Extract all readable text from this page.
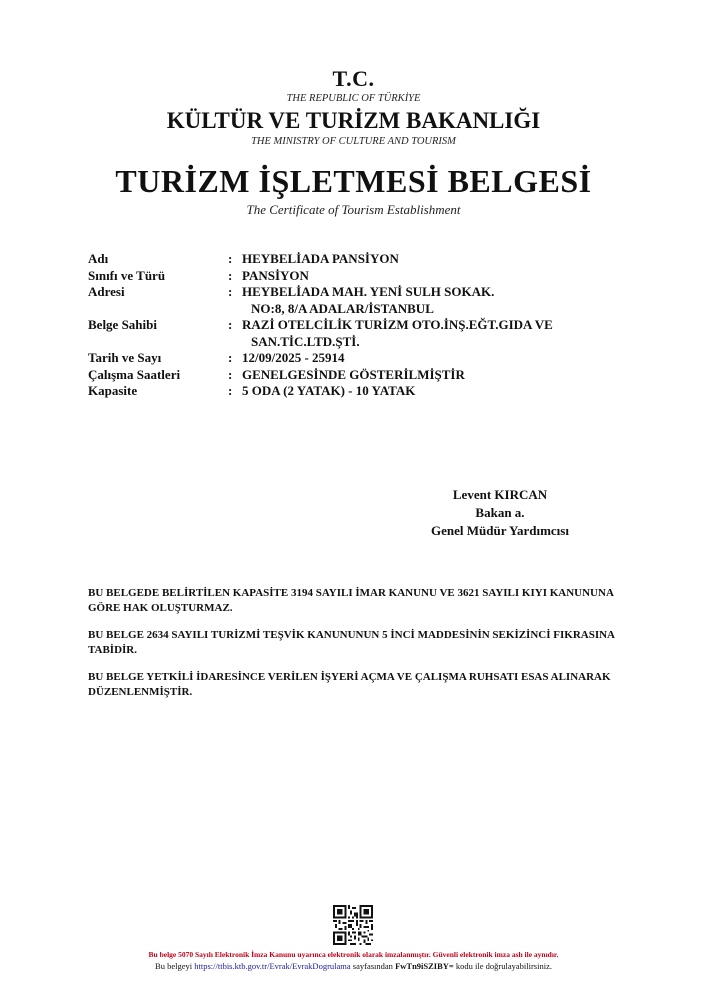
T.C.
THE REPUBLIC OF TÜRKİYE
KÜLTÜR VE TURİZM BAKANLIĞI
THE MINISTRY OF CULTURE AND TOURISM
TURİZM İŞLETMESİ BELGESİ
The Certificate of Tourism Establishment
Adı	: HEYBELİADA PANSİYON
Sınıfı ve Türü	: PANSİYON
Adresi	: HEYBELİADA MAH. YENİ SULH SOKAK.
NO:8, 8/A ADALAR/İSTANBUL
Belge Sahibi	: RAZİ OTELCİLİK TURİZM OTO.İNŞ.EĞT.GIDA VE
SAN.TİC.LTD.ŞTİ.
Tarih ve Sayı	: 12/09/2025 - 25914
Çalışma Saatleri	: GENELGESİNDE GÖSTERİLMİŞTİR
Kapasite	: 5 ODA (2 YATAK) - 10 YATAK
Levent KIRCAN
Bakan a.
Genel Müdür Yardımcısı
BU BELGEDE BELİRTİLEN KAPASİTE 3194 SAYILI İMAR KANUNU VE 3621 SAYILI KIYI KANUNUNA GÖRE HAK OLUŞTURMAZ.
BU BELGE 2634 SAYILI TURİZMİ TEŞVİK KANUNUNUN 5 İNCİ MADDESİNİN SEKİZİNCİ FIKRASINA TABİDİR.
BU BELGE YETKİLİ İDARESİNCE VERİLEN İŞYERİ AÇMA VE ÇALIŞMA RUHSATI ESAS ALINARAK DÜZENLENMİŞTİR.
Bu belge 5070 Sayılı Elektronik İmza Kanunu uyarınca elektronik olarak imzalanmıştır. Güvenli elektronik imza aslı ile aynıdır.
Bu belgeyi https://ttbis.ktb.gov.tr/Evrak/EvrakDogrulama sayfasından FwTn9iSZIBY= kodu ile doğrulayabilirsiniz.
